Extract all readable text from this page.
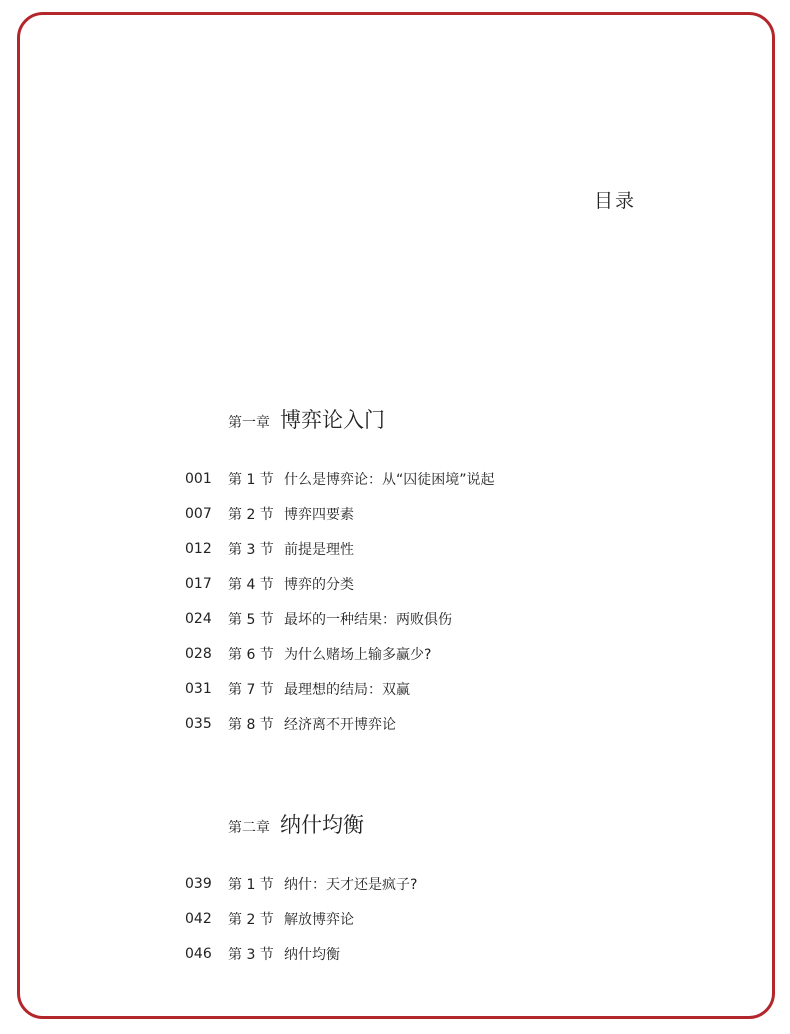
目录
第一章 博弈论入门
001	第 1 节 什么是博弈论：从“囚徒困境”说起
007	第 2 节 博弈四要素
012	第 3 节 前提是理性
017	第 4 节 博弈的分类
024	第 5 节 最坏的一种结果：两败俱伤
028	第 6 节 为什么赌场上输多赢少?
031	第 7 节 最理想的结局：双赢
035	第 8 节 经济离不开博弈论
第二章 纳什均衡
039	第 1 节 纳什：天才还是疯子?
042	第 2 节 解放博弈论
046	第 3 节 纳什均衡
